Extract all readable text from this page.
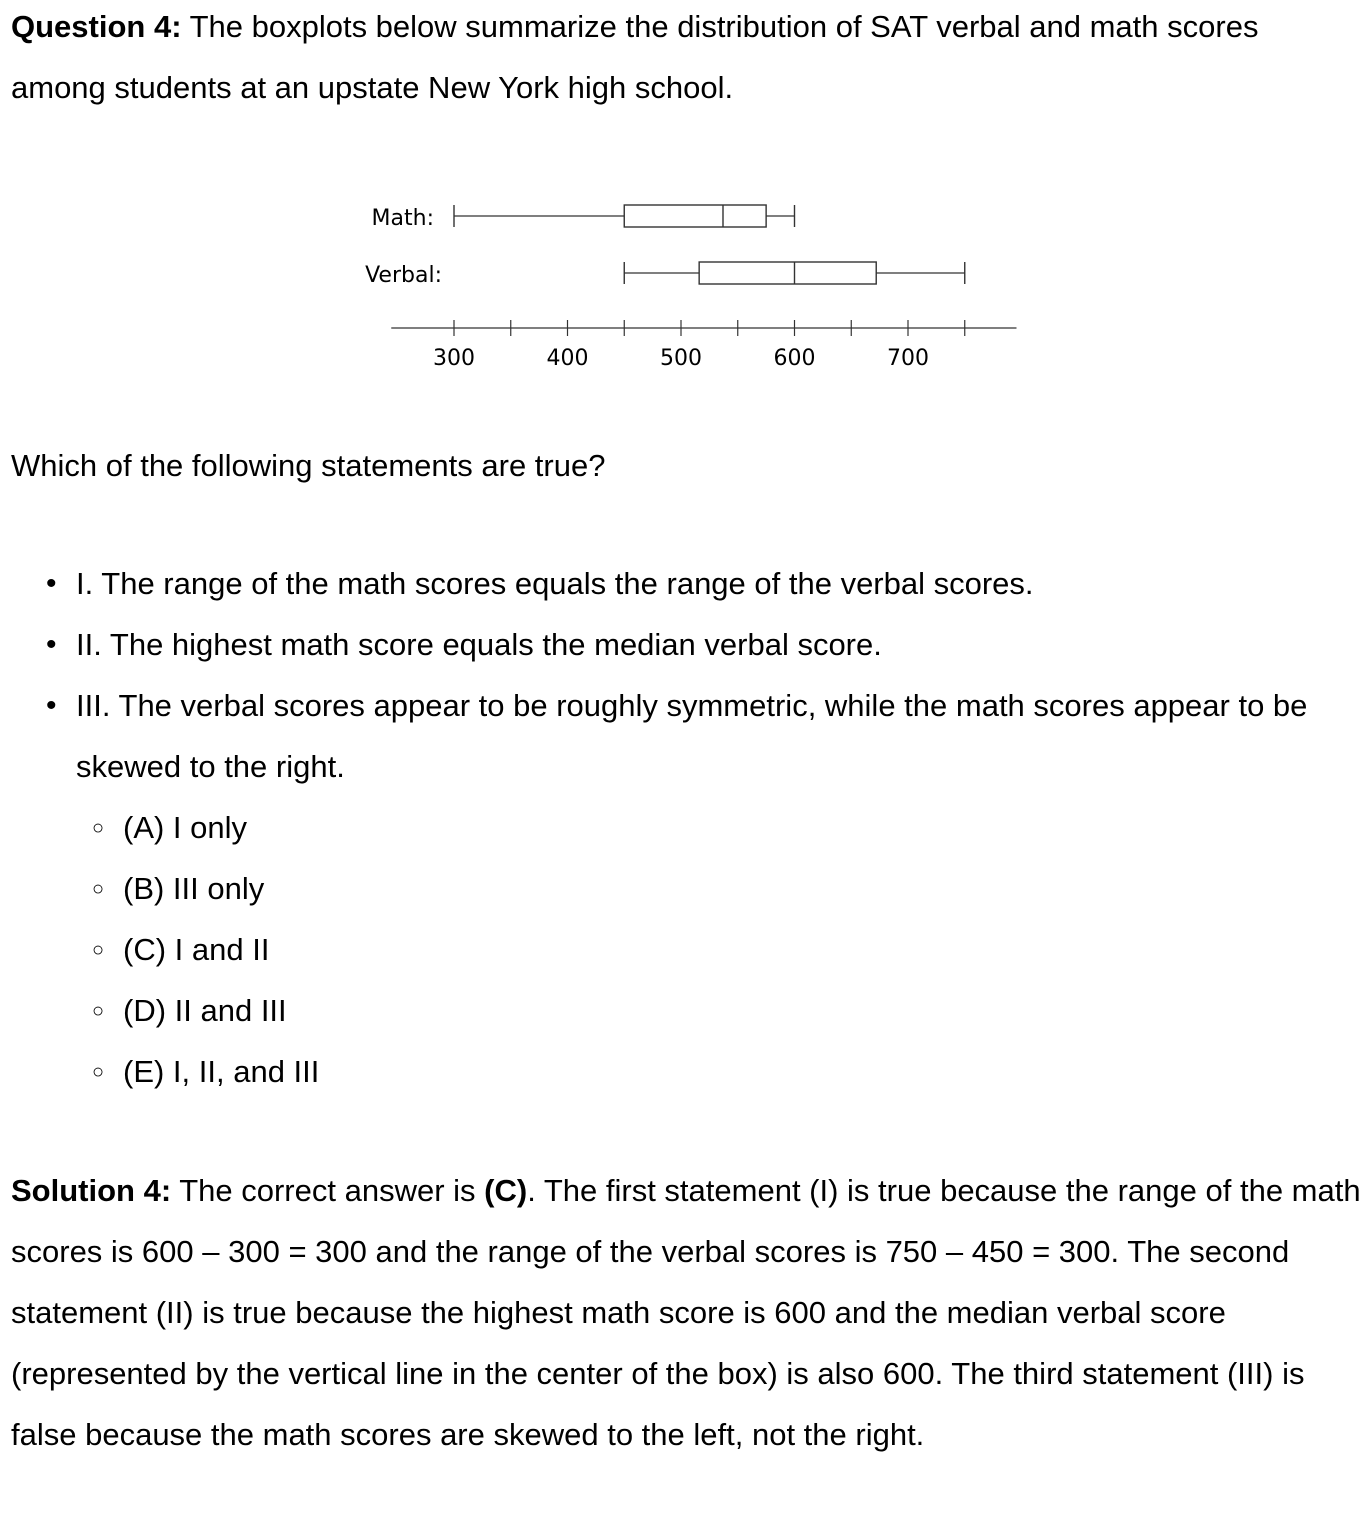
Question 4: The boxplots below summarize the distribution of SAT verbal and math scores among students at an upstate New York high school.

Math:
Verbal:
300	400	500	600	700

Which of the following statements are true?

• I. The range of the math scores equals the range of the verbal scores.
• II. The highest math score equals the median verbal score.
• III. The verbal scores appear to be roughly symmetric, while the math scores appear to be skewed to the right.
○ (A) I only
○ (B) III only
○ (C) I and II
○ (D) II and III
○ (E) I, II, and III

Solution 4: The correct answer is (C). The first statement (I) is true because the range of the math scores is 600 – 300 = 300 and the range of the verbal scores is 750 – 450 = 300. The second statement (II) is true because the highest math score is 600 and the median verbal score (represented by the vertical line in the center of the box) is also 600. The third statement (III) is false because the math scores are skewed to the left, not the right.
